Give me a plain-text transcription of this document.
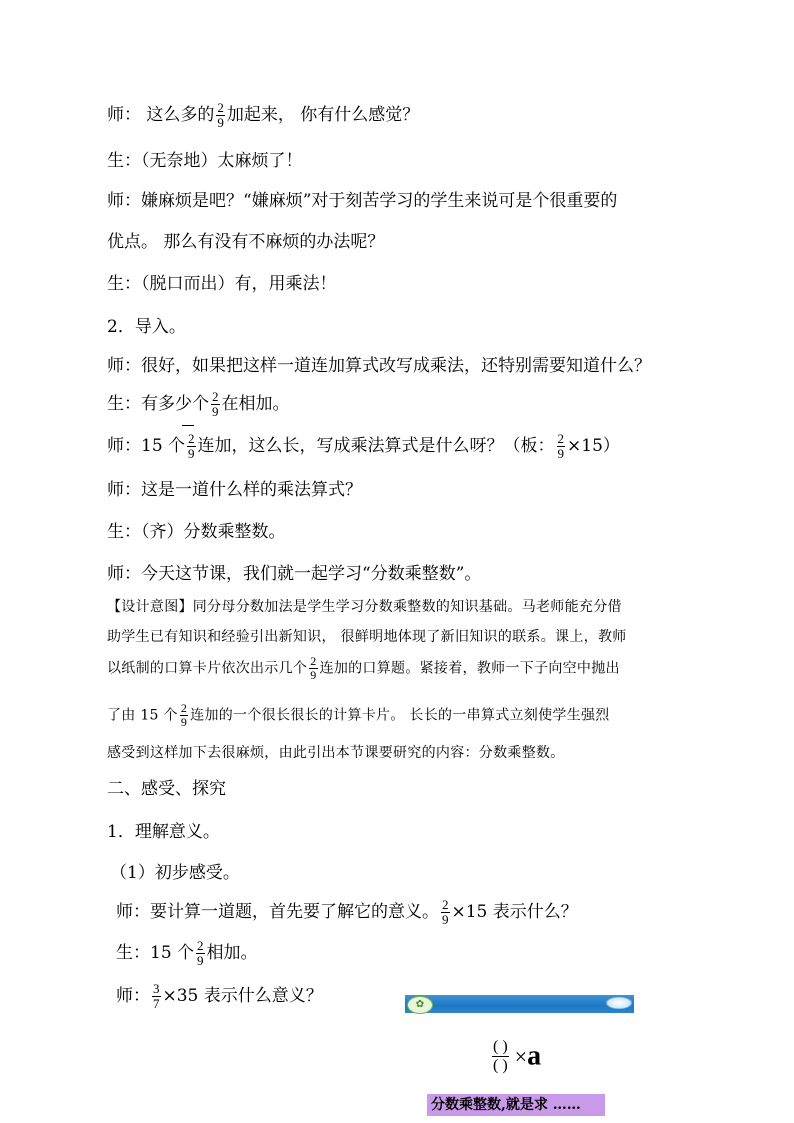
师： 这么多的 $\frac{2}{9}$ 加起来， 你有什么感觉？
生：（无奈地）太麻烦了！
师：嫌麻烦是吧？“嫌麻烦”对于刻苦学习的学生来说可是个很重要的
优点。 那么有没有不麻烦的办法呢？
生：（脱口而出）有，用乘法！
2．导入。
师：很好，如果把这样一道连加算式改写成乘法，还特别需要知道什么？
生：有多少个 $\frac{2}{9}$ 在相加。
师：15 个 $\frac{2}{9}$ 连加，这么长，写成乘法算式是什么呀？（板： $\frac{2}{9} \times 15$）
师：这是一道什么样的乘法算式？
生：（齐）分数乘整数。
师：今天这节课，我们就一起学习“分数乘整数”。
【设计意图】同分母分数加法是学生学习分数乘整数的知识基础。马老师能充分借
助学生已有知识和经验引出新知识， 很鲜明地体现了新旧知识的联系。课上，教师
以纸制的口算卡片依次出示几个 $\frac{2}{9}$ 连加的口算题。紧接着，教师一下子向空中抛出
了由 15 个 $\frac{2}{9}$ 连加的一个很长很长的计算卡片。 长长的一串算式立刻使学生强烈
感受到这样加下去很麻烦，由此引出本节课要研究的内容：分数乘整数。
二、感受、探究
1．理解意义。
（1）初步感受。
师：要计算一道题，首先要了解它的意义。 $\frac{2}{9} \times 15$ 表示什么？
生：15 个 $\frac{2}{9}$ 相加。
师： $\frac{3}{7} \times 35$ 表示什么意义？	✿
$\frac{( )}{( )} \times a$
分数乘整数,就是求 ……
